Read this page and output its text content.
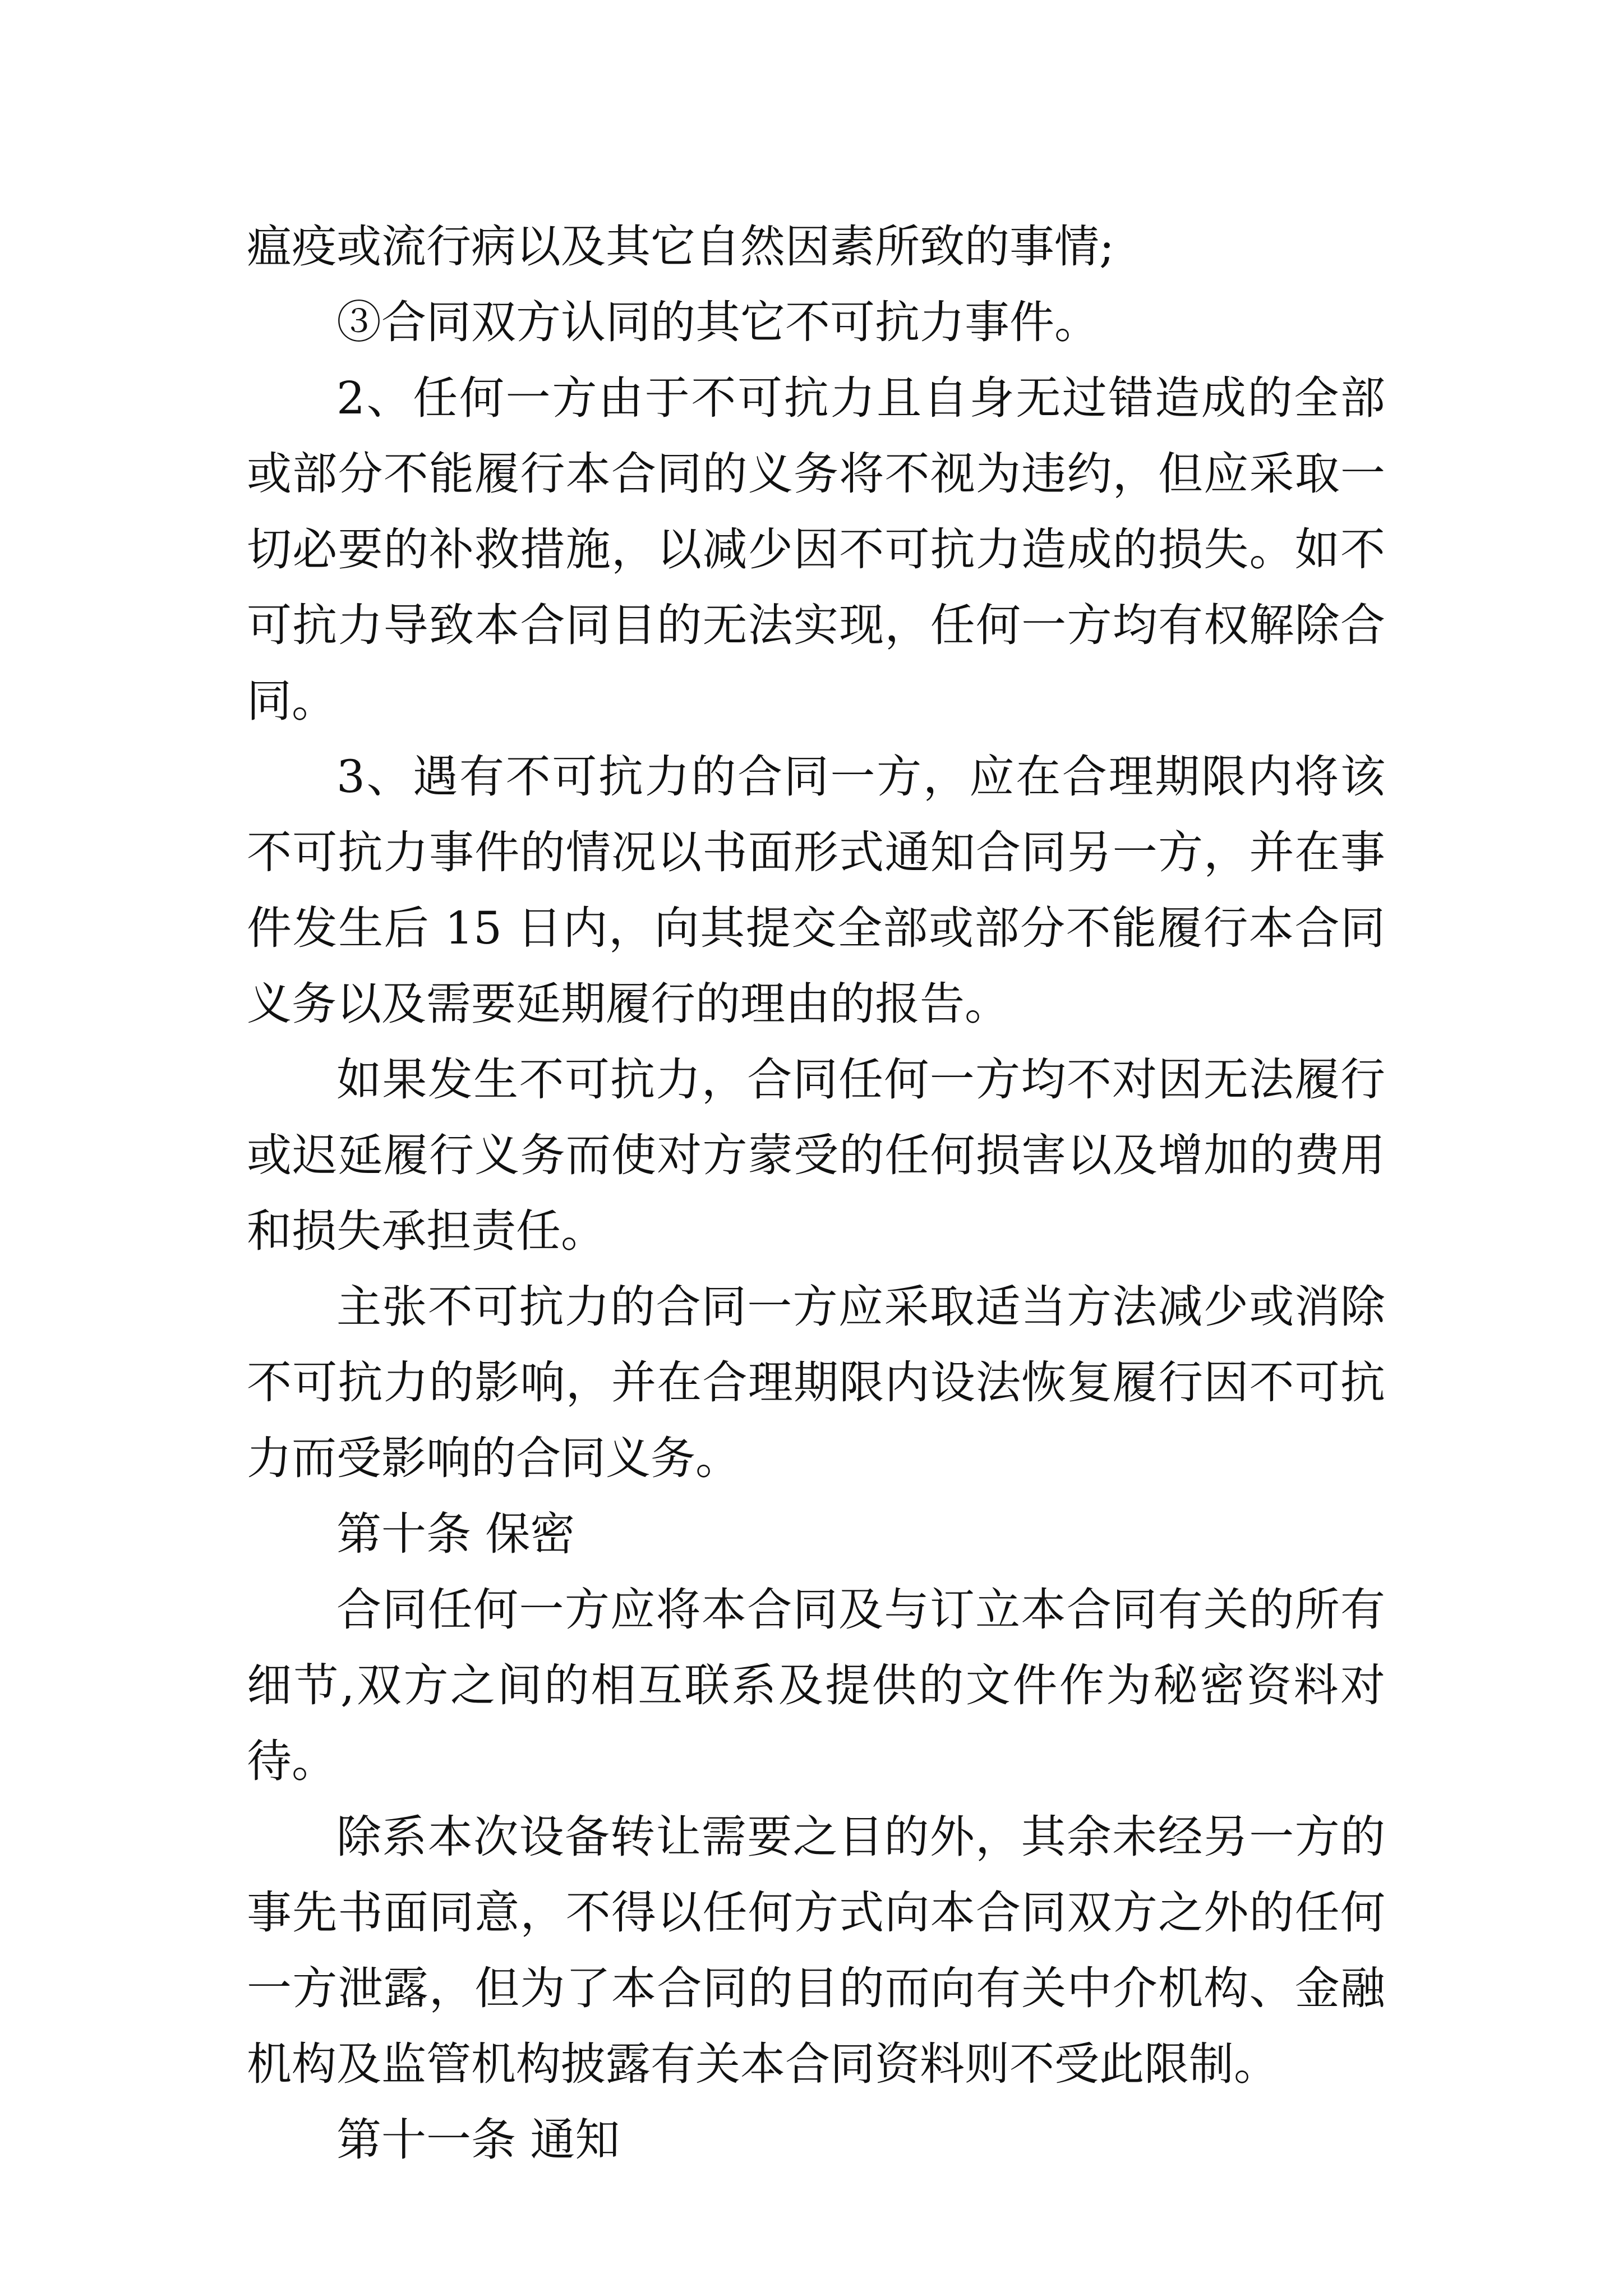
瘟疫或流行病以及其它自然因素所致的事情;

③合同双方认同的其它不可抗力事件。

2、任何一方由于不可抗力且自身无过错造成的全部或部分不能履行本合同的义务将不视为违约，但应采取一切必要的补救措施，以减少因不可抗力造成的损失。如不可抗力导致本合同目的无法实现，任何一方均有权解除合同。

3、遇有不可抗力的合同一方，应在合理期限内将该不可抗力事件的情况以书面形式通知合同另一方，并在事件发生后 15 日内，向其提交全部或部分不能履行本合同义务以及需要延期履行的理由的报告。

如果发生不可抗力，合同任何一方均不对因无法履行或迟延履行义务而使对方蒙受的任何损害以及增加的费用和损失承担责任。

主张不可抗力的合同一方应采取适当方法减少或消除不可抗力的影响，并在合理期限内设法恢复履行因不可抗力而受影响的合同义务。

第十条 保密

合同任何一方应将本合同及与订立本合同有关的所有细节,双方之间的相互联系及提供的文件作为秘密资料对待。

除系本次设备转让需要之目的外，其余未经另一方的事先书面同意，不得以任何方式向本合同双方之外的任何一方泄露，但为了本合同的目的而向有关中介机构、金融机构及监管机构披露有关本合同资料则不受此限制。

第十一条 通知
